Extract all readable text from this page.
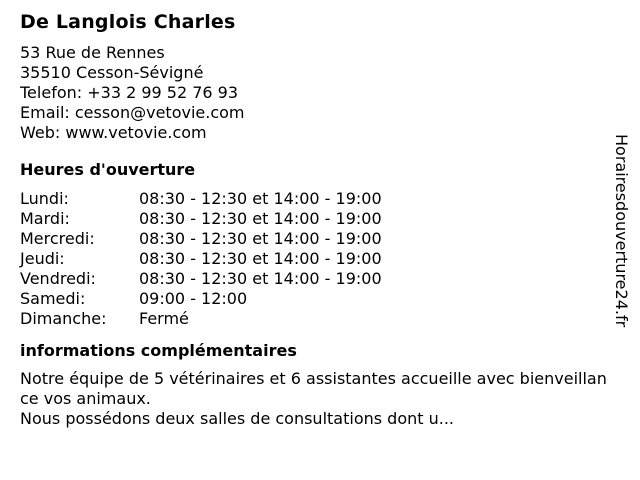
De Langlois Charles
53 Rue de Rennes
35510 Cesson-Sévigné
Telefon: +33 2 99 52 76 93
Email: cesson@vetovie.com
Web: www.vetovie.com
Heures d'ouverture
Lundi:	08:30 - 12:30 et 14:00 - 19:00
Mardi:	08:30 - 12:30 et 14:00 - 19:00
Mercredi:	08:30 - 12:30 et 14:00 - 19:00
Jeudi:	08:30 - 12:30 et 14:00 - 19:00
Vendredi:	08:30 - 12:30 et 14:00 - 19:00
Samedi:	09:00 - 12:00
Dimanche:	Fermé
informations complémentaires
Notre équipe de 5 vétérinaires et 6 assistantes accueille avec bienveillance vos animaux.
Nous possédons deux salles de consultations dont u...
Horairesdouverture24.fr
